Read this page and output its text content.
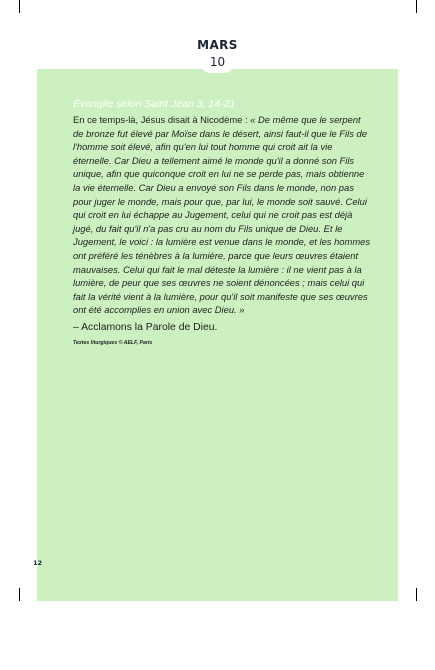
MARS
10

Évangile selon Saint Jean 3, 14-21

En ce temps-là, Jésus disait à Nicodème : « De même que le serpent de bronze fut élevé par Moïse dans le désert, ainsi faut-il que le Fils de l'homme soit élevé, afin qu'en lui tout homme qui croit ait la vie éternelle. Car Dieu a tellement aimé le monde qu'il a donné son Fils unique, afin que quiconque croit en lui ne se perde pas, mais obtienne la vie éternelle. Car Dieu a envoyé son Fils dans le monde, non pas pour juger le monde, mais pour que, par lui, le monde soit sauvé. Celui qui croit en lui échappe au Jugement, celui qui ne croit pas est déjà jugé, du fait qu'il n'a pas cru au nom du Fils unique de Dieu. Et le Jugement, le voici : la lumière est venue dans le monde, et les hommes ont préféré les ténèbres à la lumière, parce que leurs œuvres étaient mauvaises. Celui qui fait le mal déteste la lumière : il ne vient pas à la lumière, de peur que ses œuvres ne soient dénoncées ; mais celui qui fait la vérité vient à la lumière, pour qu'il soit manifeste que ses œuvres ont été accomplies en union avec Dieu. »

– Acclamons la Parole de Dieu.

Textes liturgiques © AELF, Paris

12
